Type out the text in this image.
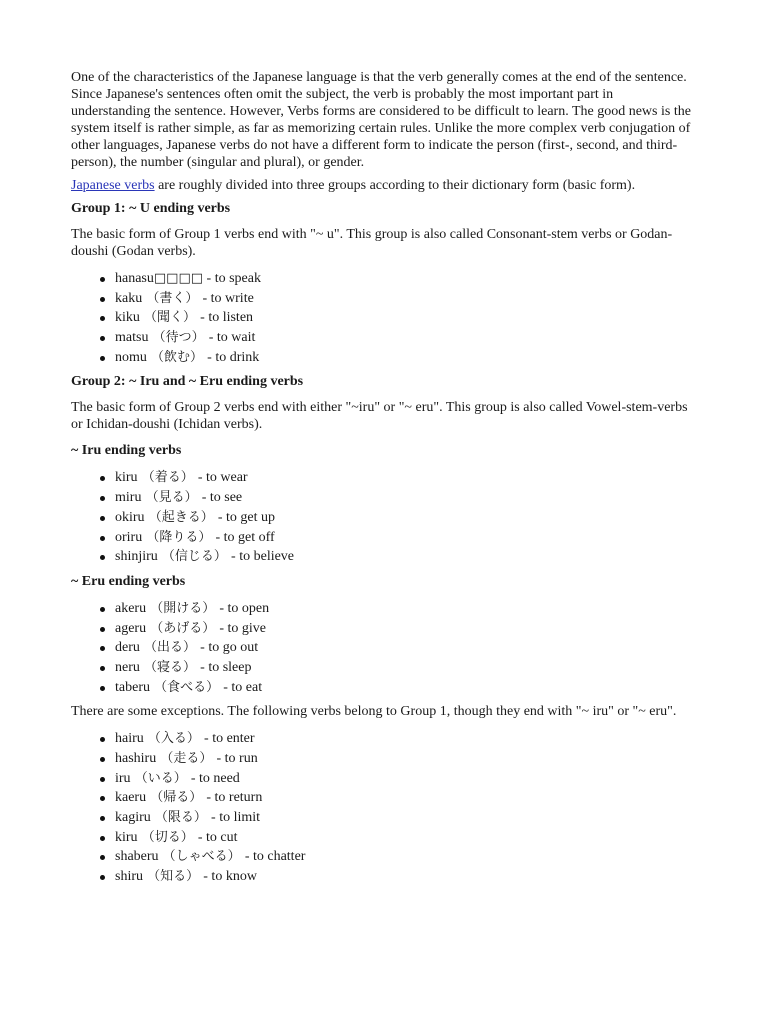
One of the characteristics of the Japanese language is that the verb generally comes at the end of the sentence. Since Japanese's sentences often omit the subject, the verb is probably the most important part in understanding the sentence. However, Verbs forms are considered to be difficult to learn. The good news is the system itself is rather simple, as far as memorizing certain rules. Unlike the more complex verb conjugation of other languages, Japanese verbs do not have a different form to indicate the person (first-, second, and third-person), the number (singular and plural), or gender.

Japanese verbs are roughly divided into three groups according to their dictionary form (basic form).

Group 1: ~ U ending verbs

The basic form of Group 1 verbs end with "~ u". This group is also called Consonant-stem verbs or Godan-doushi (Godan verbs).

hanasu□□□□ - to speak
kaku （書く） - to write
kiku （聞く） - to listen
matsu （待つ） - to wait
nomu （飲む） - to drink
Group 2: ~ Iru and ~ Eru ending verbs

The basic form of Group 2 verbs end with either "~iru" or "~ eru". This group is also called Vowel-stem-verbs or Ichidan-doushi (Ichidan verbs).

~ Iru ending verbs
kiru （着る） - to wear
miru （見る） - to see
okiru （起きる） - to get up
oriru （降りる） - to get off
shinjiru （信じる） - to believe
~ Eru ending verbs
akeru （開ける） - to open
ageru （あげる） - to give
deru （出る） - to go out
neru （寝る） - to sleep
taberu （食べる） - to eat

There are some exceptions. The following verbs belong to Group 1, though they end with "~ iru" or "~ eru".

hairu （入る） - to enter
hashiru （走る） - to run
iru （いる） - to need
kaeru （帰る） - to return
kagiru （限る） - to limit
kiru （切る） - to cut
shaberu （しゃべる） - to chatter
shiru （知る） - to know
